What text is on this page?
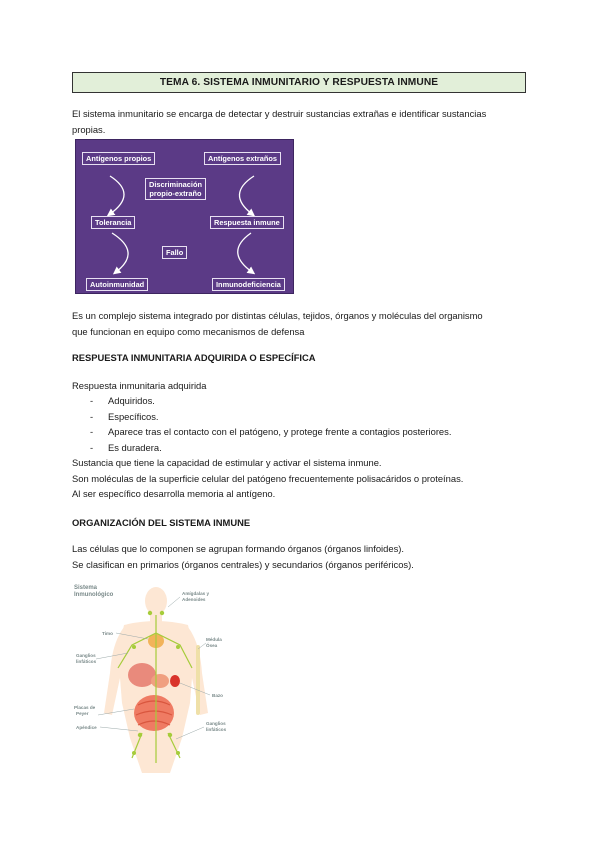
TEMA 6. SISTEMA INMUNITARIO Y RESPUESTA INMUNE
El sistema inmunitario se encarga de detectar y destruir sustancias extrañas e identificar sustancias
propias.
Antígenos propios	Antígenos extraños
Discriminación
propio-extraño
Tolerancia	Respuesta inmune
Fallo
Autoinmunidad	Inmunodeficiencia
Es un complejo sistema integrado por distintas células, tejidos, órganos y moléculas del organismo
que funcionan en equipo como mecanismos de defensa
RESPUESTA INMUNITARIA ADQUIRIDA O ESPECÍFICA
Respuesta inmunitaria adquirida
- Adquiridos.
- Específicos.
- Aparece tras el contacto con el patógeno, y protege frente a contagios posteriores.
- Es duradera.
Sustancia que tiene la capacidad de estimular y activar el sistema inmune.
Son moléculas de la superficie celular del patógeno frecuentemente polisacáridos o proteínas.
Al ser específico desarrolla memoria al antígeno.
ORGANIZACIÓN DEL SISTEMA INMUNE
Las células que lo componen se agrupan formando órganos (órganos linfoides).
Se clasifican en primarios (órganos centrales) y secundarios (órganos periféricos).
Sistema
Inmunológico	Amígdalas y
Adenoides
Timo
Médula
Ósea
Ganglios
linfáticos
Bazo
Placas de
Peyer
Apéndice
Ganglios
linfáticos
